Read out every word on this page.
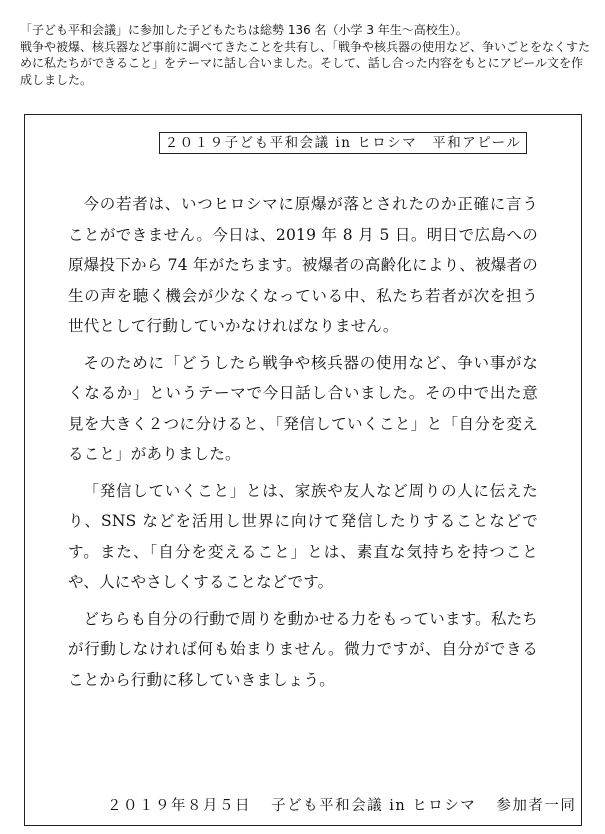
「子ども平和会議」に参加した子どもたちは総勢 136 名（小学 3 年生～高校生）。

戦争や被爆、核兵器など事前に調べてきたことを共有し、「戦争や核兵器の使用など、争いごとをなくすために私たちができること」をテーマに話し合いました。そして、話し合った内容をもとにアピール文を作成しました。

２０１９子ども平和会議 in ヒロシマ　平和アピール

今の若者は、いつヒロシマに原爆が落とされたのか正確に言うことができません。今日は、2019 年 8 月 5 日。明日で広島への原爆投下から 74 年がたちます。被爆者の高齢化により、被爆者の生の声を聴く機会が少なくなっている中、私たち若者が次を担う世代として行動していかなければなりません。

そのために「どうしたら戦争や核兵器の使用など、争い事がなくなるか」というテーマで今日話し合いました。その中で出た意見を大きく２つに分けると、「発信していくこと」と「自分を変えること」がありました。

「発信していくこと」とは、家族や友人など周りの人に伝えたり、SNS などを活用し世界に向けて発信したりすることなどです。また、「自分を変えること」とは、素直な気持ちを持つことや、人にやさしくすることなどです。

どちらも自分の行動で周りを動かせる力をもっています。私たちが行動しなければ何も始まりません。微力ですが、自分ができることから行動に移していきましょう。

２０１９年８月５日 子ども平和会議 in ヒロシマ 参加者一同
